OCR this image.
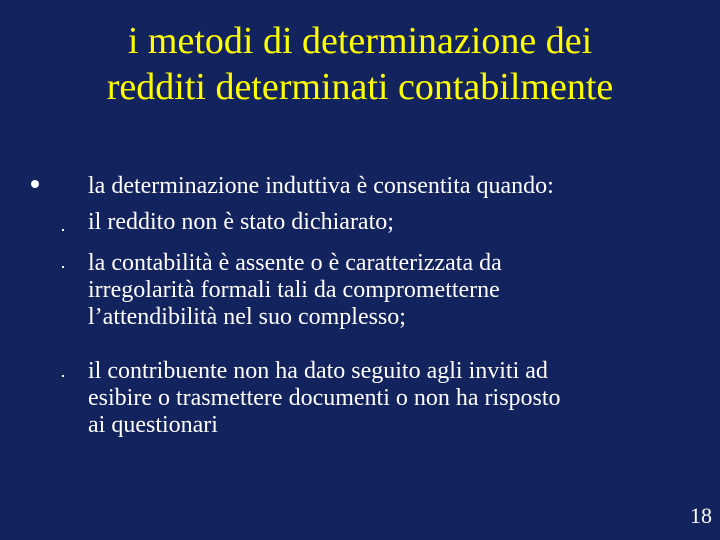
i metodi di determinazione dei
redditi determinati contabilmente
la determinazione induttiva è consentita quando:
il reddito non è stato dichiarato;
la contabilità è assente o è caratterizzata da
irregolarità formali tali da comprometterne
l’attendibilità nel suo complesso;
il contribuente non ha dato seguito agli inviti ad
esibire o trasmettere documenti o non ha risposto
ai questionari
18
